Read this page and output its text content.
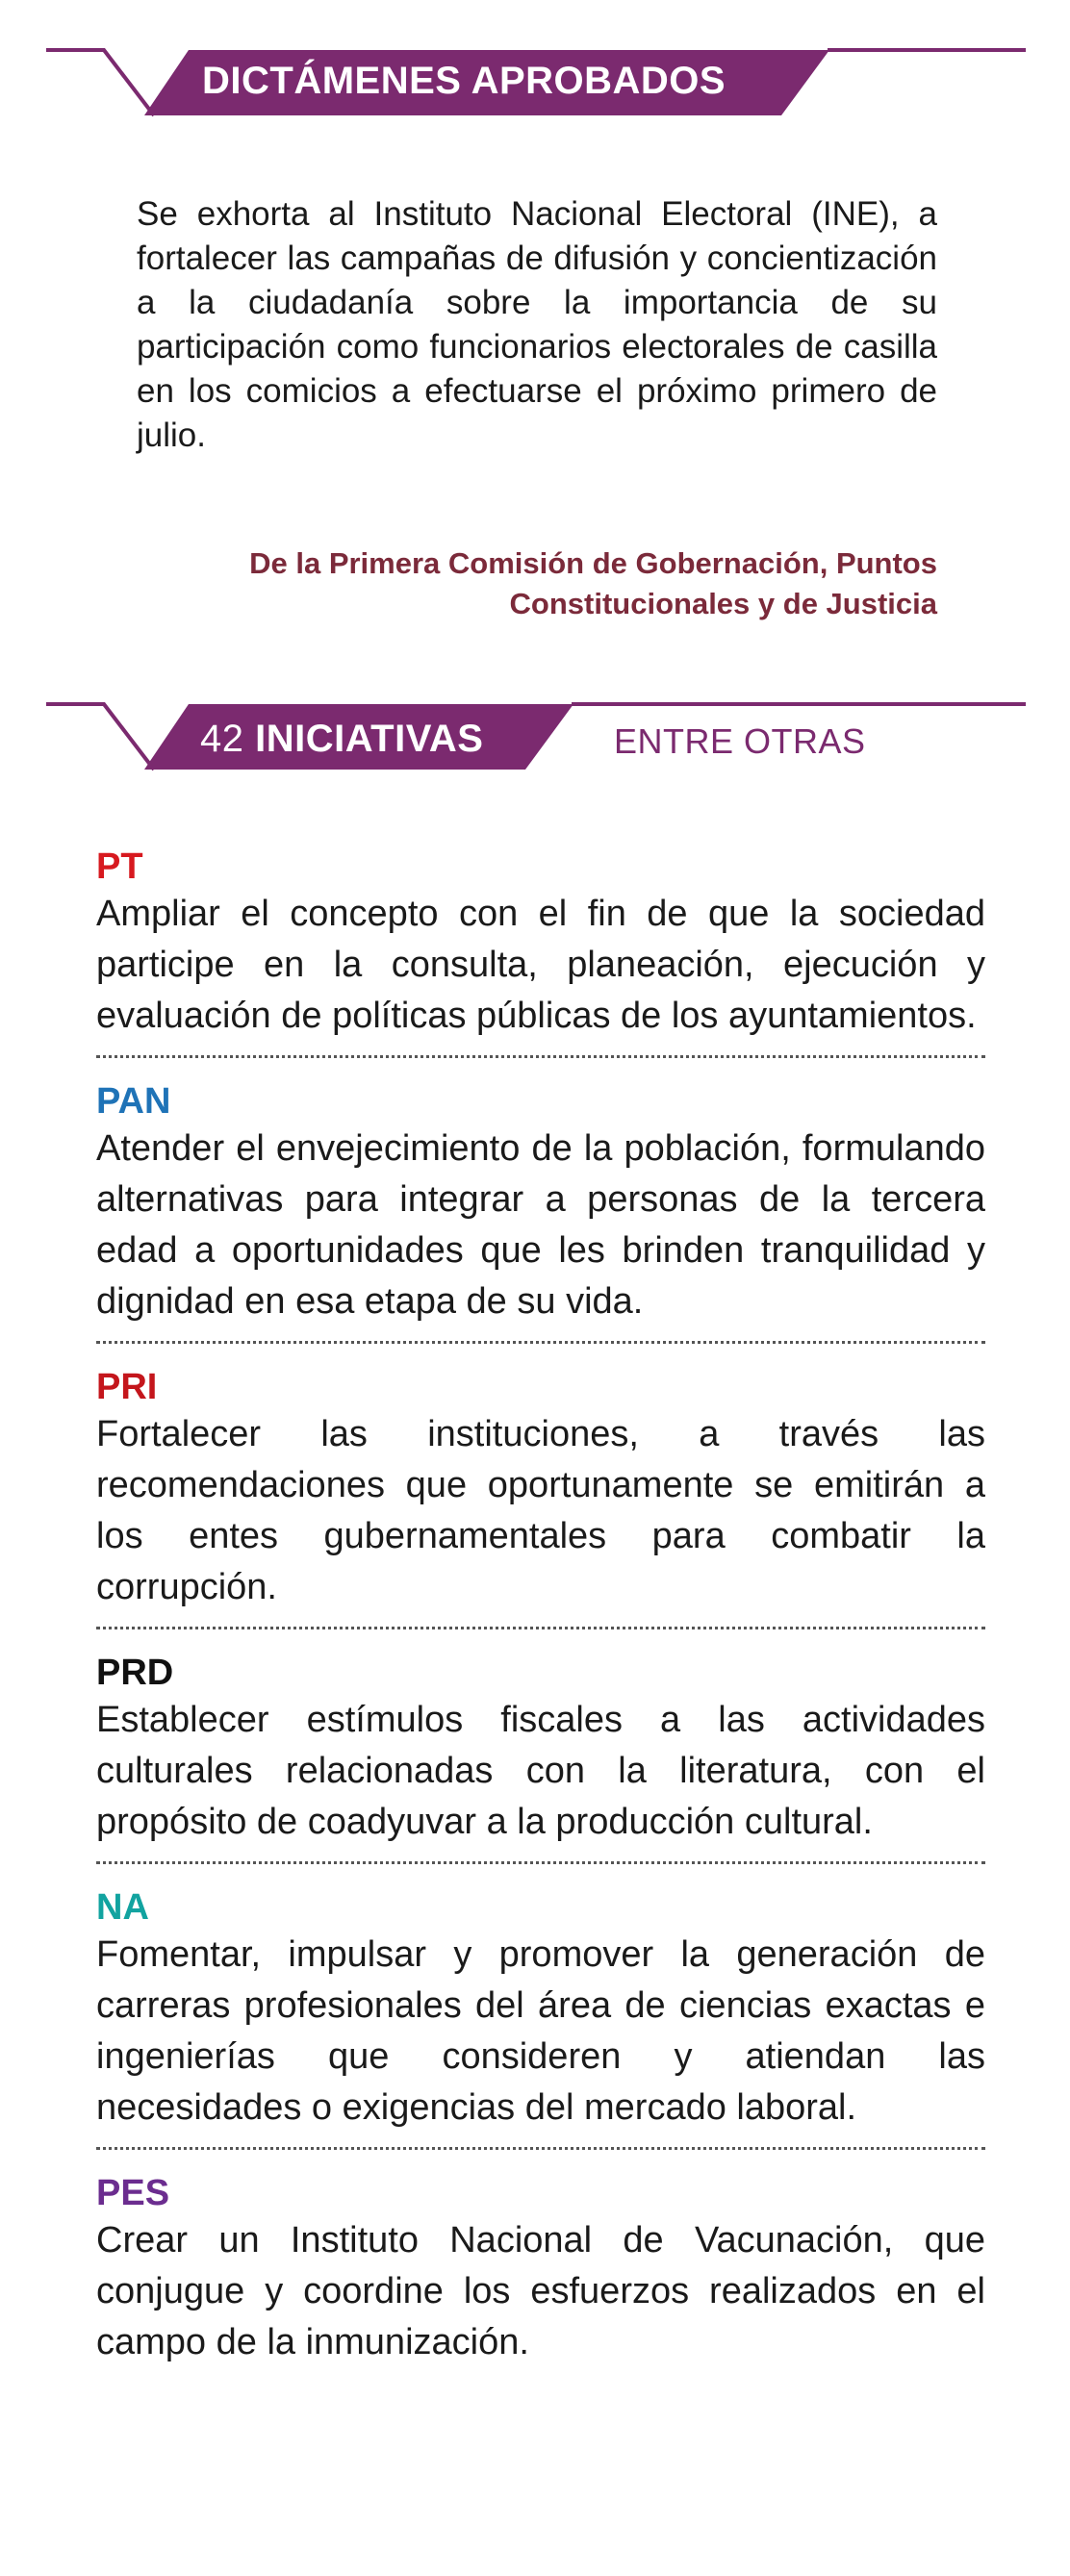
DICTÁMENES APROBADOS
Se exhorta al Instituto Nacional Electoral (INE), a fortalecer las campañas de difusión y concientización a la ciudadanía sobre la importancia de su participación como funcionarios electorales de casilla en los comicios a efectuarse el próximo primero de julio.
De la Primera Comisión de Gobernación, Puntos Constitucionales y de Justicia
42 INICIATIVAS	ENTRE OTRAS
PT
Ampliar el concepto con el fin de que la sociedad participe en la consulta, planeación, ejecución y evaluación de políticas públicas de los ayuntamientos.
PAN
Atender el envejecimiento de la población, formulando alternativas para integrar a personas de la tercera edad a oportunidades que les brinden tranquilidad y dignidad en esa etapa de su vida.
PRI
Fortalecer las instituciones, a través las recomendaciones que oportunamente se emitirán a los entes gubernamentales para combatir la corrupción.
PRD
Establecer estímulos fiscales a las actividades culturales relacionadas con la literatura, con el propósito de coadyuvar a la producción cultural.
NA
Fomentar, impulsar y promover la generación de carreras profesionales del área de ciencias exactas e ingenierías que consideren y atiendan las necesidades o exigencias del mercado laboral.
PES
Crear un Instituto Nacional de Vacunación, que conjugue y coordine los esfuerzos realizados en el campo de la inmunización.
